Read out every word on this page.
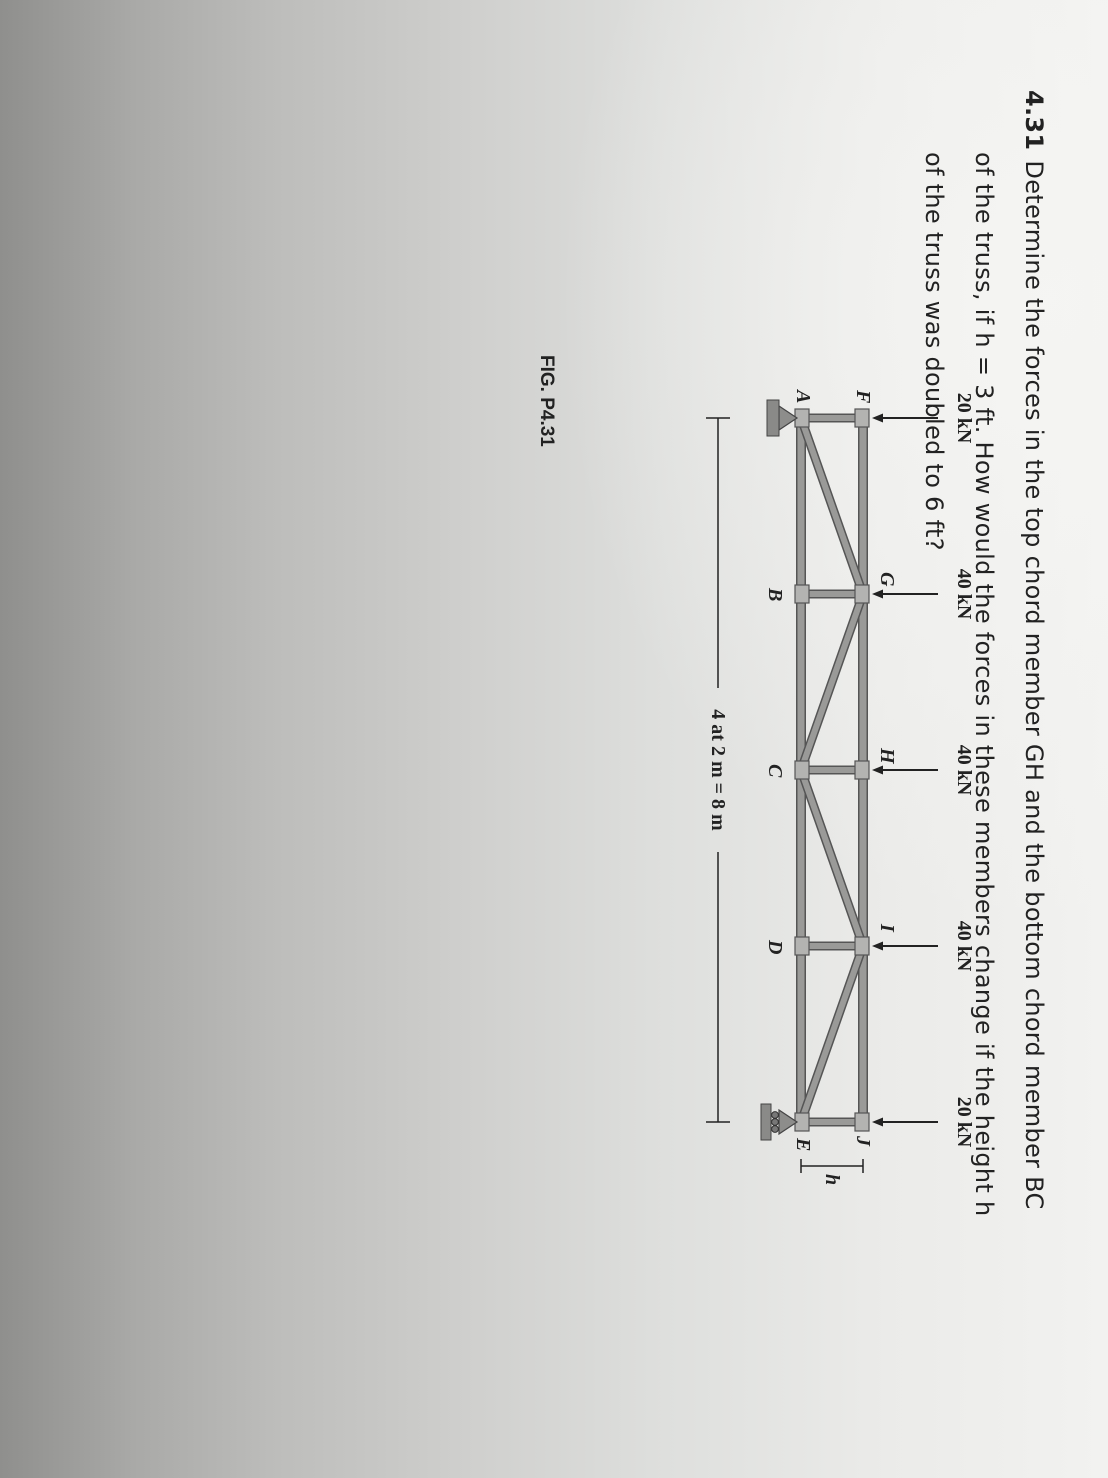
4.31Determine the forces in the top chord member GH and the bottom chord member BC
of the truss, if h = 3 ft. How would the forces in these members change if the height h
of the truss was doubled to 6 ft? 20 kN
40 kN
40 kN
40 kN
20 kN
F
G
H
I
J
A
B
C
D
E
h
4 at 2 m = 8 m
FIG. P4.31
